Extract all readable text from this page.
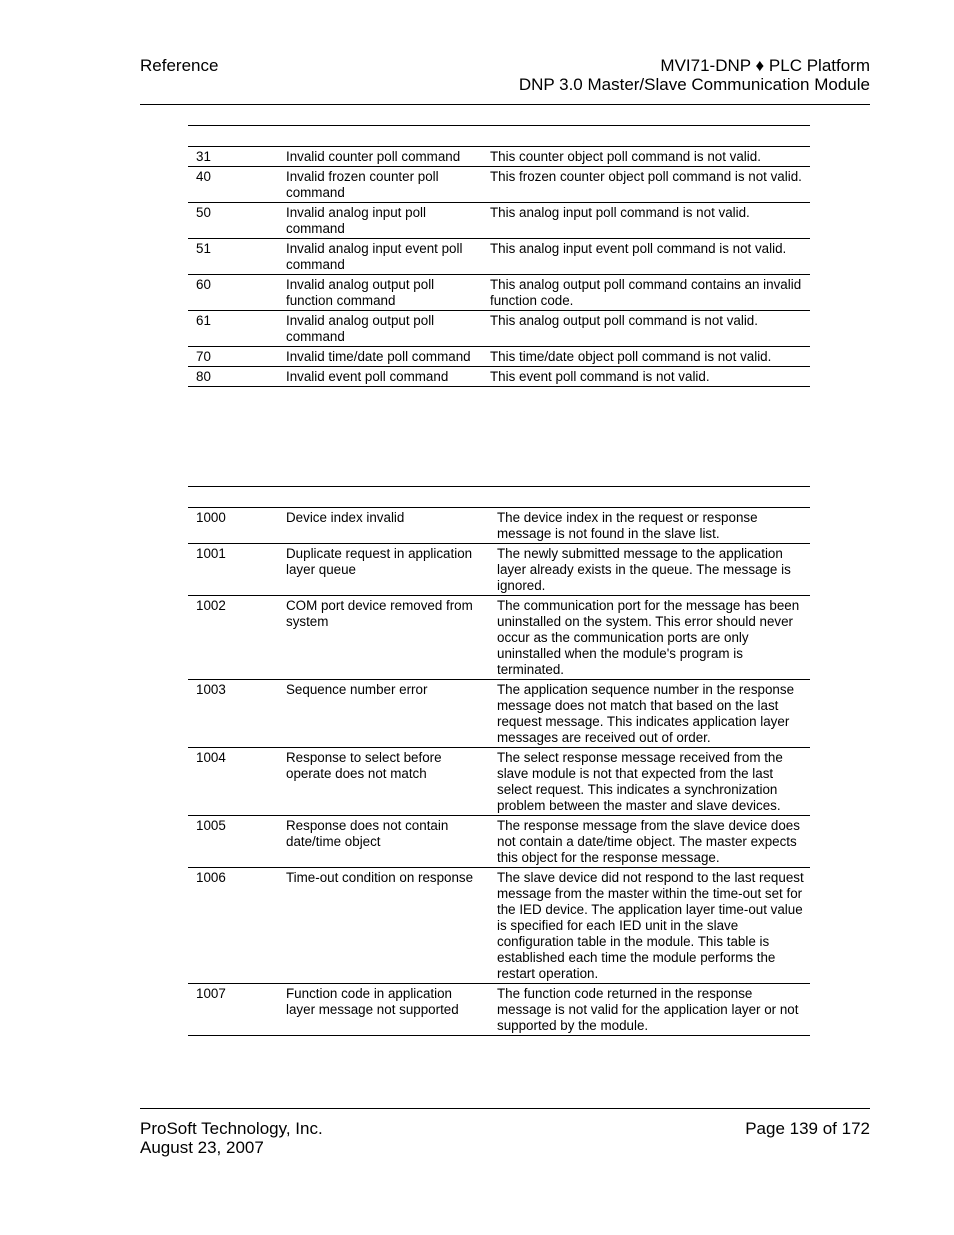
Reference	MVI71-DNP ♦ PLC Platform
DNP 3.0 Master/Slave Communication Module

31	Invalid counter poll command	This counter object poll command is not valid.
40	Invalid frozen counter poll command	This frozen counter object poll command is not valid.
50	Invalid analog input poll command	This analog input poll command is not valid.
51	Invalid analog input event poll command	This analog input event poll command is not valid.
60	Invalid analog output poll function command	This analog output poll command contains an invalid function code.
61	Invalid analog output poll command	This analog output poll command is not valid.
70	Invalid time/date poll command	This time/date object poll command is not valid.
80	Invalid event poll command	This event poll command is not valid.

1000	Device index invalid	The device index in the request or response message is not found in the slave list.
1001	Duplicate request in application layer queue	The newly submitted message to the application layer already exists in the queue. The message is ignored.
1002	COM port device removed from system	The communication port for the message has been uninstalled on the system. This error should never occur as the communication ports are only uninstalled when the module's program is terminated.
1003	Sequence number error	The application sequence number in the response message does not match that based on the last request message. This indicates application layer messages are received out of order.
1004	Response to select before operate does not match	The select response message received from the slave module is not that expected from the last select request. This indicates a synchronization problem between the master and slave devices.
1005	Response does not contain date/time object	The response message from the slave device does not contain a date/time object. The master expects this object for the response message.
1006	Time-out condition on response	The slave device did not respond to the last request message from the master within the time-out set for the IED device. The application layer time-out value is specified for each IED unit in the slave configuration table in the module. This table is established each time the module performs the restart operation.
1007	Function code in application layer message not supported	The function code returned in the response message is not valid for the application layer or not supported by the module.
ProSoft Technology, Inc.
August 23, 2007
Page 139 of 172
